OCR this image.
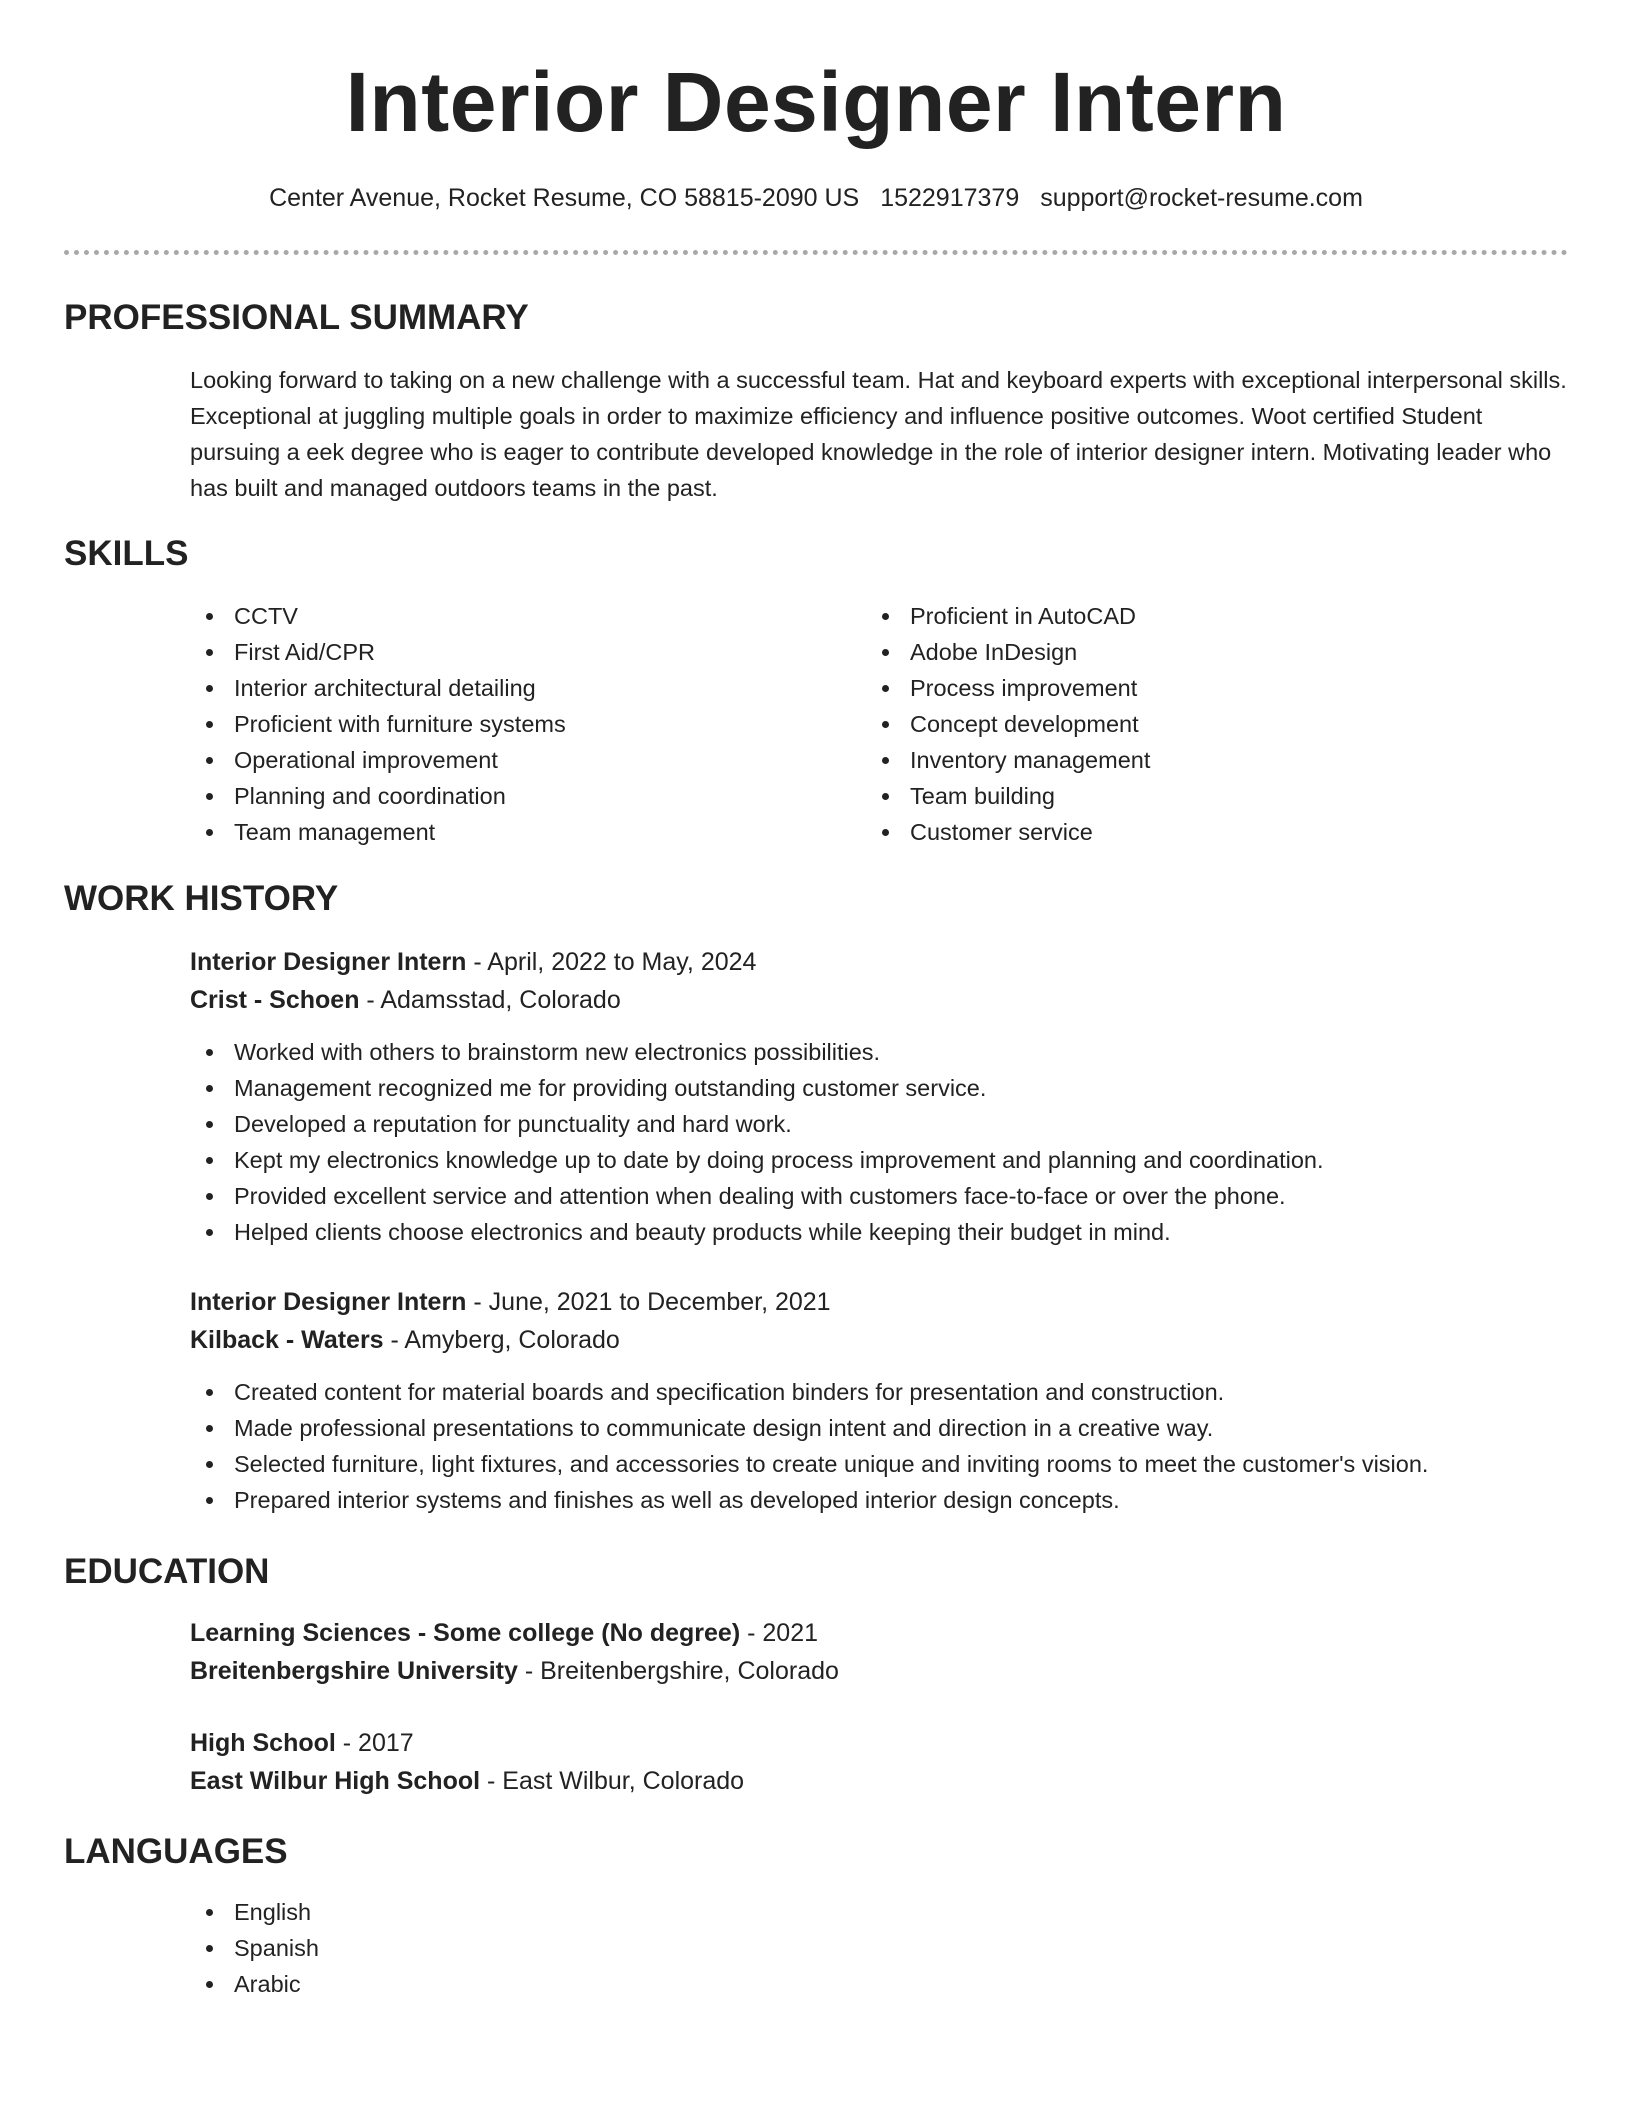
Interior Designer Intern
Center Avenue, Rocket Resume, CO 58815-2090 US 1522917379 support@rocket-resume.com
PROFESSIONAL SUMMARY

Looking forward to taking on a new challenge with a successful team. Hat and keyboard experts with exceptional interpersonal skills. Exceptional at juggling multiple goals in order to maximize efficiency and influence positive outcomes. Woot certified Student pursuing a eek degree who is eager to contribute developed knowledge in the role of interior designer intern. Motivating leader who has built and managed outdoors teams in the past.

SKILLS
CCTV
First Aid/CPR
Interior architectural detailing
Proficient with furniture systems
Operational improvement
Planning and coordination
Team management
Proficient in AutoCAD
Adobe InDesign
Process improvement
Concept development
Inventory management
Team building
Customer service
WORK HISTORY
Interior Designer Intern - April, 2022 to May, 2024
Crist - Schoen - Adamsstad, Colorado
Worked with others to brainstorm new electronics possibilities.
Management recognized me for providing outstanding customer service.
Developed a reputation for punctuality and hard work.
Kept my electronics knowledge up to date by doing process improvement and planning and coordination.
Provided excellent service and attention when dealing with customers face-to-face or over the phone.
Helped clients choose electronics and beauty products while keeping their budget in mind.
Interior Designer Intern - June, 2021 to December, 2021
Kilback - Waters - Amyberg, Colorado
Created content for material boards and specification binders for presentation and construction.
Made professional presentations to communicate design intent and direction in a creative way.
Selected furniture, light fixtures, and accessories to create unique and inviting rooms to meet the customer's vision.
Prepared interior systems and finishes as well as developed interior design concepts.
EDUCATION
Learning Sciences - Some college (No degree) - 2021
Breitenbergshire University - Breitenbergshire, Colorado
High School - 2017
East Wilbur High School - East Wilbur, Colorado
LANGUAGES
English
Spanish
Arabic
